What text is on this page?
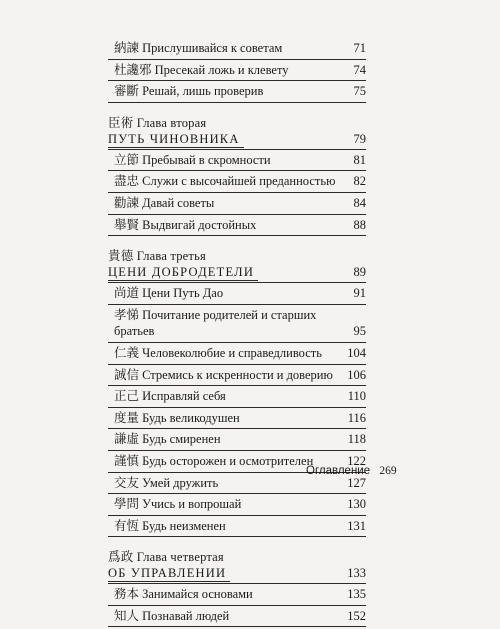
納諫 Прислушивайся к советам	71
杜讒邪 Пресекай ложь и клевету	74
審斷 Решай, лишь проверив	75
臣術 Глава вторая
ПУТЬ ЧИНОВНИКА	79
立節 Пребывай в скромности	81
盡忠 Служи с высочайшей преданностью	82
勸諫 Давай советы	84
舉賢 Выдвигай достойных	88
貴德 Глава третья
ЦЕНИ ДОБРОДЕТЕЛИ	89
尚道 Цени Путь Дао	91
孝悌 Почитание родителей и старших
братьев	95
仁義 Человеколюбие и справедливость	104
誠信 Стремись к искренности и доверию	106
正己 Исправляй себя	110
度量 Будь великодушен	116
謙虛 Будь смиренен	118
謹慎 Будь осторожен и осмотрителен	122
交友 Умей дружить	127
學問 Учись и вопрошай	130
有恆 Будь неизменен	131
爲政 Глава четвертая
ОБ УПРАВЛЕНИИ	133
務本 Занимайся основами	135
知人 Познавай людей	152
Оглавление 269
